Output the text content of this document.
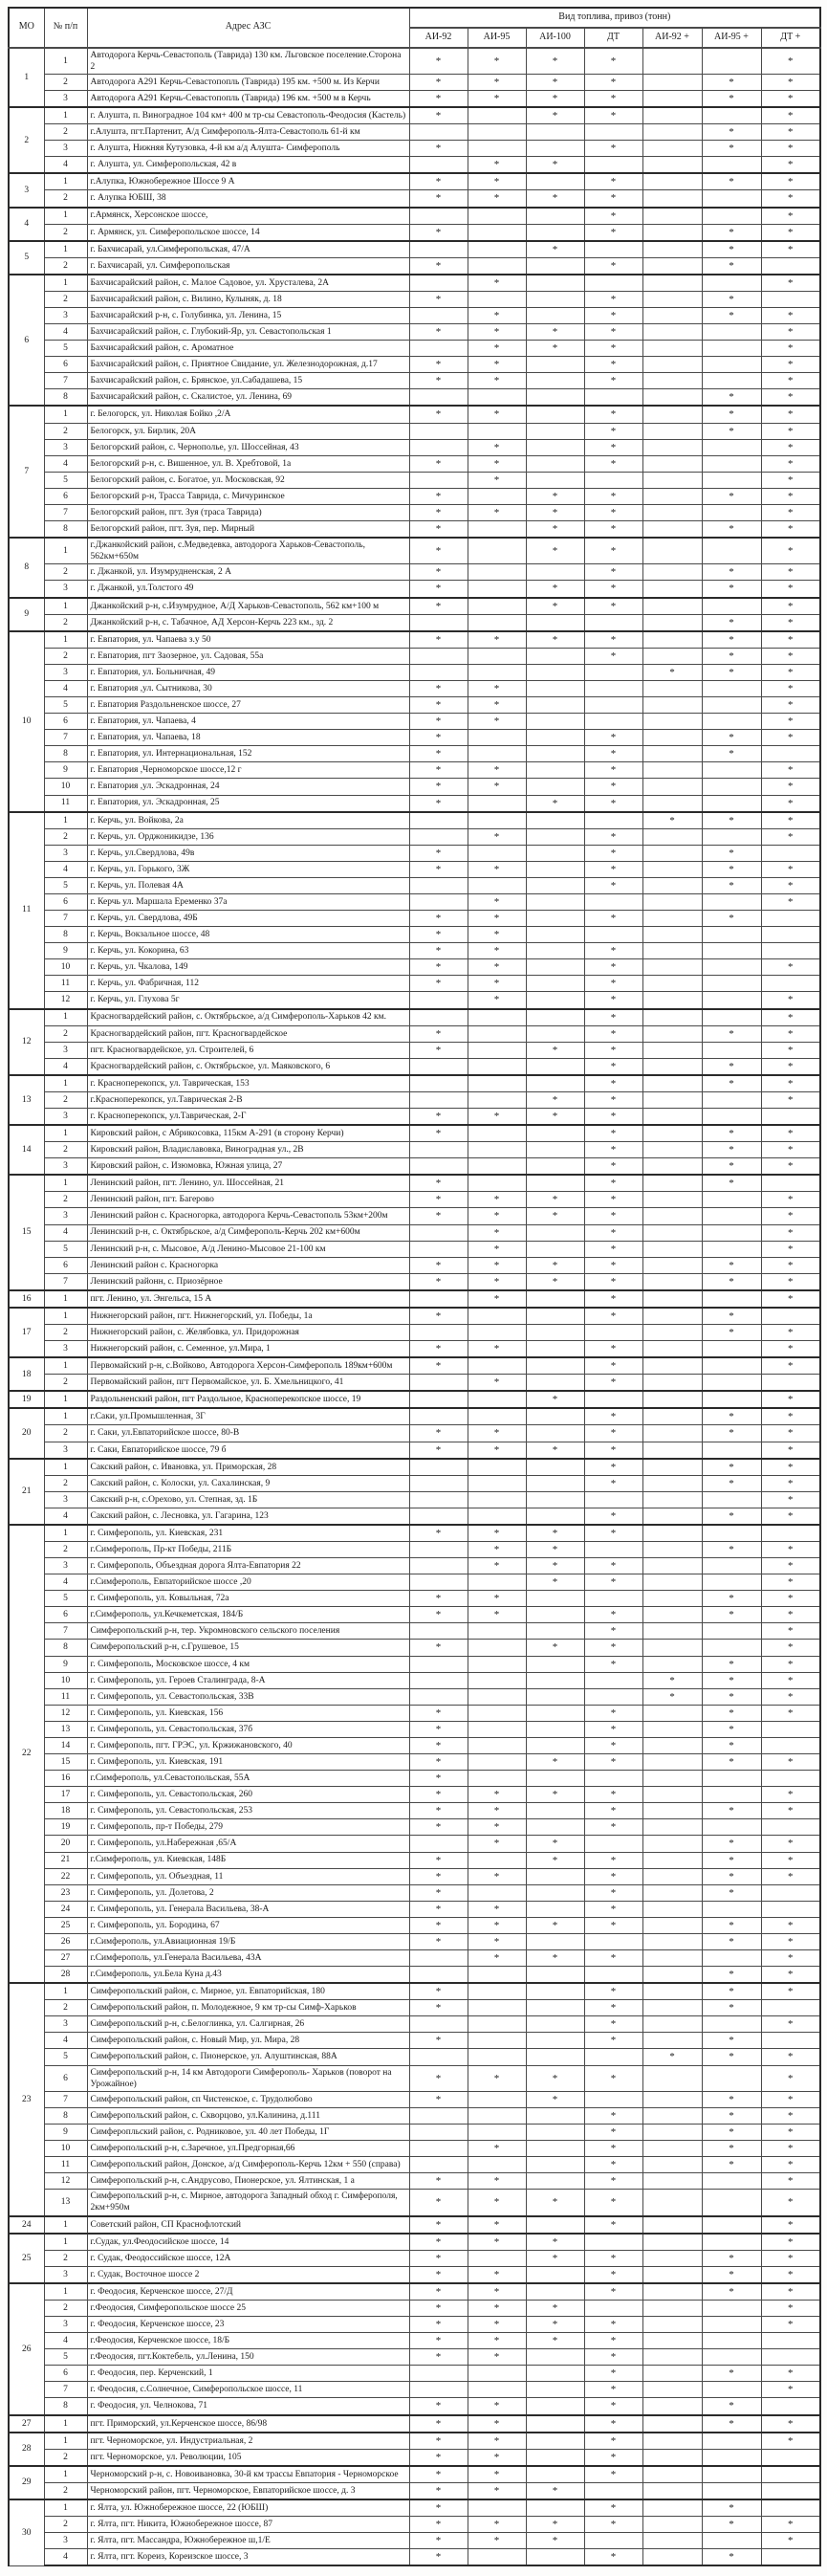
МО	№ п/п	Адрес АЗС	Вид топлива, привоз (тонн)						
			АИ-92	АИ-95	АИ-100	ДТ	АИ-92 +	АИ-95 +	ДТ +
1	1	Автодорога Керчь-Севастополь (Таврида) 130 км. Льговское поселение.Сторона 2	*	*	*	*			*
	2	Автодорога А291 Керчь-Севастопопль (Таврида) 195 км. +500 м. Из Керчи	*	*	*	*		*	*
	3	Автодорога А291 Керчь-Севастопопль (Таврида) 196 км. +500 м в Керчь	*	*	*	*		*	*
2	1	г. Алушта, п. Виноградное 104 км+ 400 м тр-сы Севастополь-Феодосия (Кастель)	*		*	*			*
	2	г.Алушта, пгт.Партенит, А/д Симферополь-Ялта-Севастополь 61-й км						*	*
	3	г. Алушта, Нижняя Кутузовка, 4-й км а/д Алушта- Симферополь	*			*		*	*
	4	г. Алушта, ул. Симферопольская, 42 в		*	*				*
3	1	г.Алупка, Южнобережное Шоссе 9 А	*	*		*		*	*
	2	г. Алупка ЮБШ, 38	*	*	*	*			*
4	1	г.Армянск, Херсонское шоссе,				*			*
	2	г. Армянск, ул. Симферопольское шоссе, 14	*			*		*	*
5	1	г. Бахчисарай, ул.Симферопольская, 47/А			*			*	*
	2	г. Бахчисарай, ул. Симферопольская	*			*		*	
6	1	Бахчисарайский район, с. Малое Садовое, ул. Хрусталева, 2А		*					*
	2	Бахчисарайский район, с. Вилино, Кулыняк, д. 18	*			*		*	
	3	Бахчисарайский р-н, с. Голубинка, ул. Ленина, 15		*		*		*	*
	4	Бахчисарайский район, с. Глубокий-Яр, ул. Севастопольская 1	*	*	*	*			*
	5	Бахчисарайский район, с. Ароматное		*	*	*			*
	6	Бахчисарайский район, с. Приятное Свидание, ул. Железнодорожная, д.17	*	*		*			*
	7	Бахчисарайский район, с. Брянское, ул.Сабадашева, 15	*	*		*			*
	8	Бахчисарайский район, с. Скалистое, ул. Ленина, 69						*	*
7	1	г. Белогорск, ул. Николая Бойко ,2/А	*	*		*		*	*
	2	Белогорск, ул. Бирлик, 20А				*		*	*
	3	Белогорский район, с. Чернополье, ул. Шоссейная, 43		*		*			*
	4	Белогорский р-н, с. Вишенное, ул. В. Хребтовой, 1а	*	*		*			*
	5	Белогорский район, с. Богатое, ул. Московская, 92		*					*
	6	Белогорский р-н, Трасса Таврида, с. Мичуринское	*		*	*		*	*
	7	Белогорский район, пгт. Зуя (траса Таврида)	*	*	*	*			*
	8	Белогорский район, пгт. Зуя, пер. Мирный	*		*	*		*	*
8	1	г.Джанкойский район, с.Медведевка, автодорога Харьков-Севастополь, 562км+650м	*		*	*			*
	2	г. Джанкой, ул. Изумрудненская, 2 А	*			*		*	*
	3	г. Джанкой, ул.Толстого 49	*		*	*		*	*
9	1	Джанкойский р-н, с.Изумрудное, А/Д Харьков-Севастополь, 562 км+100 м	*		*	*			*
	2	Джанкойский р-н, с. Табачное, АД Херсон-Керчь 223 км., зд. 2						*	*
10	1	г. Евпатория, ул. Чапаева з.у 50	*	*	*	*		*	*
	2	г. Евпатория, пгт Заозерное, ул. Садовая, 55а				*		*	*
	3	г. Евпатория, ул. Больничная, 49					*	*	*
	4	г. Евпатория ,ул. Сытникова, 30	*	*					*
	5	г. Евпатория Раздольненское шоссе, 27	*	*					*
	6	г. Евпатория, ул. Чапаева, 4	*	*					*
	7	г. Евпатория, ул. Чапаева, 18	*			*		*	*
	8	г. Евпатория, ул. Интернациональная, 152	*			*		*	
	9	г. Евпатория ,Черноморское шоссе,12 г	*	*		*			*
	10	г. Евпатория ,ул. Эскадронная, 24	*	*		*			*
	11	г. Евпатория, ул. Эскадронная, 25	*		*	*			*
11	1	г. Керчь, ул. Войкова, 2а					*	*	*
	2	г. Керчь, ул. Орджоникидзе, 136		*		*			*
	3	г. Керчь, ул.Свердлова, 49в	*			*		*	
	4	г. Керчь, ул. Горького, 3Ж	*	*		*		*	*
	5	г. Керчь, ул. Полевая 4А				*		*	*
	6	г. Керчь ул. Маршала Еременко 37а		*					*
	7	г. Керчь, ул. Свердлова, 49Б	*	*		*		*	
	8	г. Керчь, Вокзальное шоссе, 48	*	*					
	9	г. Керчь, ул. Кокорина, 63	*	*		*			
	10	г. Керчь, ул. Чкалова, 149	*	*		*			*
	11	г. Керчь, ул. Фабричная, 112	*	*		*			
	12	г. Керчь, ул. Глухова 5г		*		*			*
12	1	Красногвардейский район, с. Октябрьское, а/д Симферополь-Харьков 42 км.				*			*
	2	Красногвардейский район, пгт. Красногвардейское	*			*		*	*
	3	пгт. Красногвардейское, ул. Строителей, 6	*		*	*			*
	4	Красногвардейский район, с. Октябрьское, ул. Маяковского, 6				*		*	*
13	1	г. Красноперекопск, ул. Таврическая, 153				*		*	*
	2	г.Красноперекопск, ул.Таврическая 2-В			*	*			*
	3	г. Красноперекопск, ул.Таврическая, 2-Г	*	*	*	*			
14	1	Кировский район, с Абрикосовка, 115км А-291 (в сторону Керчи)	*			*		*	*
	2	Кировский район, Владиславовка, Виноградная ул., 2В				*		*	*
	3	Кировский район, с. Изюмовка, Южная улица, 27				*		*	*
15	1	Ленинский район, пгт. Ленино, ул. Шоссейная, 21	*			*		*	
	2	Ленинский район, пгт. Багерово	*	*	*	*			*
	3	Ленинский район с. Красногорка, автодорога Керчь-Севастополь 53км+200м	*	*	*	*			*
	4	Ленинский р-н, с. Октябрьское, а/д Симферополь-Керчь 202 км+600м		*		*			*
	5	Ленинский р-н, с. Мысовое, А/д Ленино-Мысовое 21-100 км		*		*			*
	6	Ленинский район с. Красногорка	*	*	*	*		*	*
	7	Ленинский районн, с. Приозёрное	*	*	*	*		*	*
16	1	пгт. Ленино, ул. Энгельса, 15 А		*		*			*
17	1	Нижнегорский район, пгт. Нижнегорский, ул. Победы, 1а	*			*		*	
	2	Нижнегорский район, с. Желябовка, ул. Придорожная						*	*
	3	Нижнегорский район, с. Семенное, ул.Мира, 1	*	*		*			*
18	1	Первомайский р-н, с.Войково, Автодорога Херсон-Симферополь 189км+600м	*			*			*
	2	Первомайский район, пгт Первомайское, ул. Б. Хмельницкого, 41		*		*			
19	1	Раздольненский район, пгт Раздольное, Красноперекопское шоссе, 19			*				*
20	1	г.Саки, ул.Промышленная, 3Г				*		*	*
	2	г. Саки, ул.Евпаторийское шоссе, 80-В	*	*		*		*	*
	3	г. Саки, Евпаторийское шоссе, 79 б	*	*	*	*			*
21	1	Сакский район, с. Ивановка, ул. Приморская, 28				*		*	*
	2	Сакский район, с. Колоски, ул. Сахалинская, 9				*		*	*
	3	Сакский р-н, с.Орехово, ул. Степная, зд. 1Б							*
	4	Сакский район, с. Лесновка, ул. Гагарина, 123				*		*	*
22	1	г. Симферополь, ул. Киевская, 231	*	*	*	*			
	2	г.Симферополь, Пр-кт Победы, 211Б		*	*			*	*
	3	г. Симферополь, Объездная дорога Ялта-Евпатория 22		*	*	*			*
	4	г.Симферополь, Евпаторийское шоссе ,20			*	*			*
	5	г. Симферополь, ул. Ковыльная, 72а	*	*				*	*
	6	г.Симферополь, ул.Кечкеметская, 184/Б	*	*		*		*	*
	7	Симферопольский р-н, тер. Укромновского сельского поселения				*			*
	8	Симферопольский р-н, с.Грушевое, 15	*		*	*			*
	9	г. Симферополь, Московское шоссе, 4 км				*		*	*
	10	г. Симферополь, ул. Героев Сталинграда, 8-А					*	*	*
	11	г. Симферополь, ул. Севастопольская, 33В					*	*	*
	12	г. Симферополь, ул. Киевская, 156	*			*		*	*
	13	г. Симферополь, ул. Севастопольская, 37б	*			*		*	
	14	г. Симферополь, пгт. ГРЭС, ул. Кржижановского, 40	*			*		*	
	15	г. Симферополь, ул. Киевская, 191	*		*	*		*	*
	16	г.Симферополь, ул.Севастопольская, 55А	*						
	17	г. Симферополь, ул. Севастопольская, 260	*	*	*	*			*
	18	г. Симферополь, ул. Севастопольская, 253	*	*		*		*	*
	19	г. Симферополь, пр-т Победы, 279	*	*		*			
	20	г. Симферополь, ул.Набережная ,65/А		*	*			*	*
	21	г.Симферополь, ул. Киевская, 148Б	*		*	*		*	*
	22	г. Симферополь, ул. Объездная, 11	*	*		*		*	*
	23	г. Симферополь, ул. Долетова, 2	*			*		*	
	24	г. Симферополь, ул. Генерала Васильева, 38-А	*	*		*			
	25	г. Симферополь, ул. Бородина, 67	*	*	*	*		*	*
	26	г.Симферополь, ул.Авиационная 19/Б	*	*				*	*
	27	г.Симферополь, ул.Генерала Васильева, 43А		*	*	*			*
	28	г.Симферополь, ул.Бела Куна д.43						*	*
23	1	Симферопольский район, с. Мирное, ул. Евпаторийская, 180	*			*		*	*
	2	Симферопольский район, п. Молодежное, 9 км тр-сы Симф-Харьков	*			*		*	
	3	Симферопольский р-н, с.Белоглинка, ул. Салгирная, 26				*			*
	4	Симферопольский район, с. Новый Мир, ул. Мира, 28	*			*		*	
	5	Симферопольский район, с. Пионерское, ул. Алуштинская, 88А					*	*	*
	6	Симферопольский р-н, 14 км Автодороги Симферополь- Харьков (поворот на Урожайное)	*	*	*	*			*
	7	Симферопольский район, сп Чистенское, с. Трудолюбово	*		*			*	*
	8	Симферопольский район, с. Скворцово, ул.Калинина, д.111				*		*	*
	9	Симферопльский район, с. Родниковое, ул. 40 лет Победы, 1Г				*		*	*
	10	Симферопольский р-н, с.Заречное, ул.Предгорная,66		*		*		*	*
	11	Симферопольский район, Донское, а/д Симферополь-Керчь 12км + 550 (справа)				*		*	*
	12	Симферопольский р-н, с.Андрусово, Пионерское, ул. Ялтинская, 1 а	*	*		*			*
	13	Симферопольский р-н, с. Мирное, автодорога Западный обход г. Симферополя, 2км+950м	*	*	*	*			*
24	1	Советский район, СП Краснофлотский	*	*		*			*
25	1	г.Судак, ул.Феодосийское шоссе, 14	*	*	*				*
	2	г. Судак, Феодоссийское шоссе, 12А	*		*	*		*	*
	3	г. Судак, Восточное шоссе 2	*	*		*		*	*
26	1	г. Феодосия, Керченское шоссе, 27/Д	*	*		*		*	*
	2	г.Феодосия, Симферопольское шоссе 25	*	*	*				*
	3	г. Феодосия, Керченское шоссе, 23	*	*	*	*			*
	4	г.Феодосия, Керченское шоссе, 18/Б	*	*	*	*			
	5	г.Феодосия, пгт.Коктебель, ул.Ленина, 150	*	*		*			
	6	г. Феодосия, пер. Керченский, 1				*		*	*
	7	г. Феодосия, с.Солнечное, Симферопольское шоссе, 11				*			*
	8	г. Феодосия, ул. Челнокова, 71	*	*		*		*	
27	1	пгт. Приморский, ул.Керченское шоссе, 86/98	*	*		*		*	*
28	1	пгт. Черноморское, ул. Индустриальная, 2	*	*		*			*
	2	пгт. Черноморское, ул. Революции, 105	*	*		*			
29	1	Черноморский р-н, с. Новоивановка, 30-й км трассы Евпатория - Черноморское	*	*		*			
	2	Черноморский район, пгт. Черноморское, Евпаторийское шоссе, д. 3	*	*	*				
30	1	г. Ялта, ул. Южнобережное шоссе, 22 (ЮБШ)	*			*		*	
	2	г. Ялта, пгт. Никита, Южнобережное шоссе, 87	*	*	*	*		*	*
	3	г. Ялта, пгт. Массандра, Южнобережное ш,1/Е	*	*	*				*
	4	г. Ялта, пгт. Кореиз, Кореизское шоссе, 3	*			*		*	
